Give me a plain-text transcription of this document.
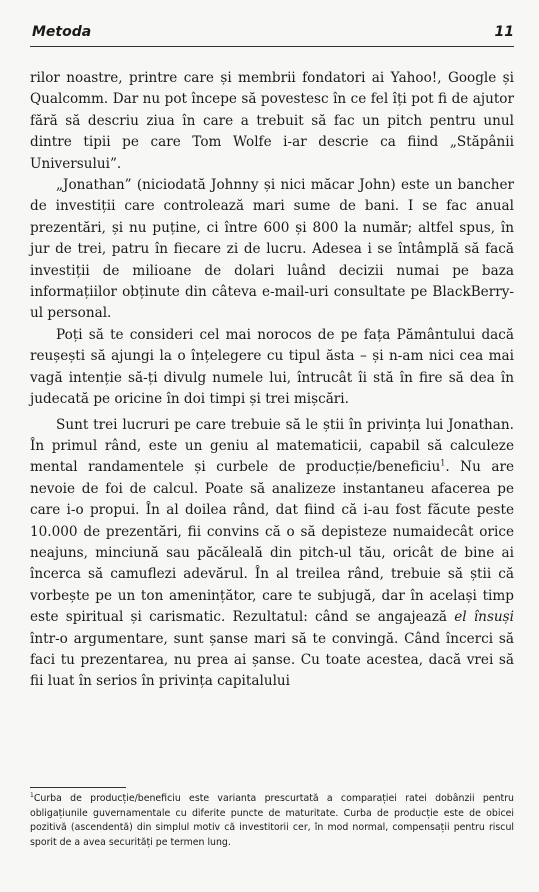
Metoda	11

rilor noastre, printre care și membrii fondatori ai Yahoo!, Google și Qualcomm. Dar nu pot începe să povestesc în ce fel îți pot fi de ajutor fără să descriu ziua în care a trebuit să fac un pitch pentru unul dintre tipii pe care Tom Wolfe i-ar descrie ca fiind „Stăpânii Universului”.

„Jonathan” (niciodată Johnny și nici măcar John) este un bancher de investiții care controlează mari sume de bani. I se fac anual prezentări, și nu puține, ci între 600 și 800 la număr; altfel spus, în jur de trei, patru în fiecare zi de lucru. Adesea i se întâmplă să facă investiții de milioane de dolari luând decizii numai pe baza informațiilor obținute din câteva e-mail-uri consultate pe BlackBerry-ul personal.

Poți să te consideri cel mai norocos de pe fața Pământului dacă reușești să ajungi la o înțelegere cu tipul ăsta – și n-am nici cea mai vagă intenție să-ți divulg numele lui, întrucât îi stă în fire să dea în judecată pe oricine în doi timpi și trei mișcări.

Sunt trei lucruri pe care trebuie să le știi în privința lui Jonathan. În primul rând, este un geniu al matematicii, capabil să calculeze mental randamentele și curbele de producție/beneficiu$^1$. Nu are nevoie de foi de calcul. Poate să analizeze instantaneu afacerea pe care i-o propui. În al doilea rând, dat fiind că i-au fost făcute peste 10.000 de prezentări, fii convins că o să depisteze numaidecât orice neajuns, minciună sau păcăleală din pitch-ul tău, oricât de bine ai încerca să camuflezi adevărul. În al treilea rând, trebuie să știi că vorbește pe un ton amenințător, care te subjugă, dar în același timp este spiritual și carismatic. Rezultatul: când se angajează el însuși într-o argumentare, sunt șanse mari să te convingă. Când încerci să faci tu prezentarea, nu prea ai șanse. Cu toate acestea, dacă vrei să fii luat în serios în privința capitalului

$^1$Curba de producție/beneficiu este varianta prescurtată a comparației ratei dobânzii pentru obligațiunile guvernamentale cu diferite puncte de maturitate. Curba de producție este de obicei pozitivă (ascendentă) din simplul motiv că investitorii cer, în mod normal, compensații pentru riscul sporit de a avea securități pe termen lung.
